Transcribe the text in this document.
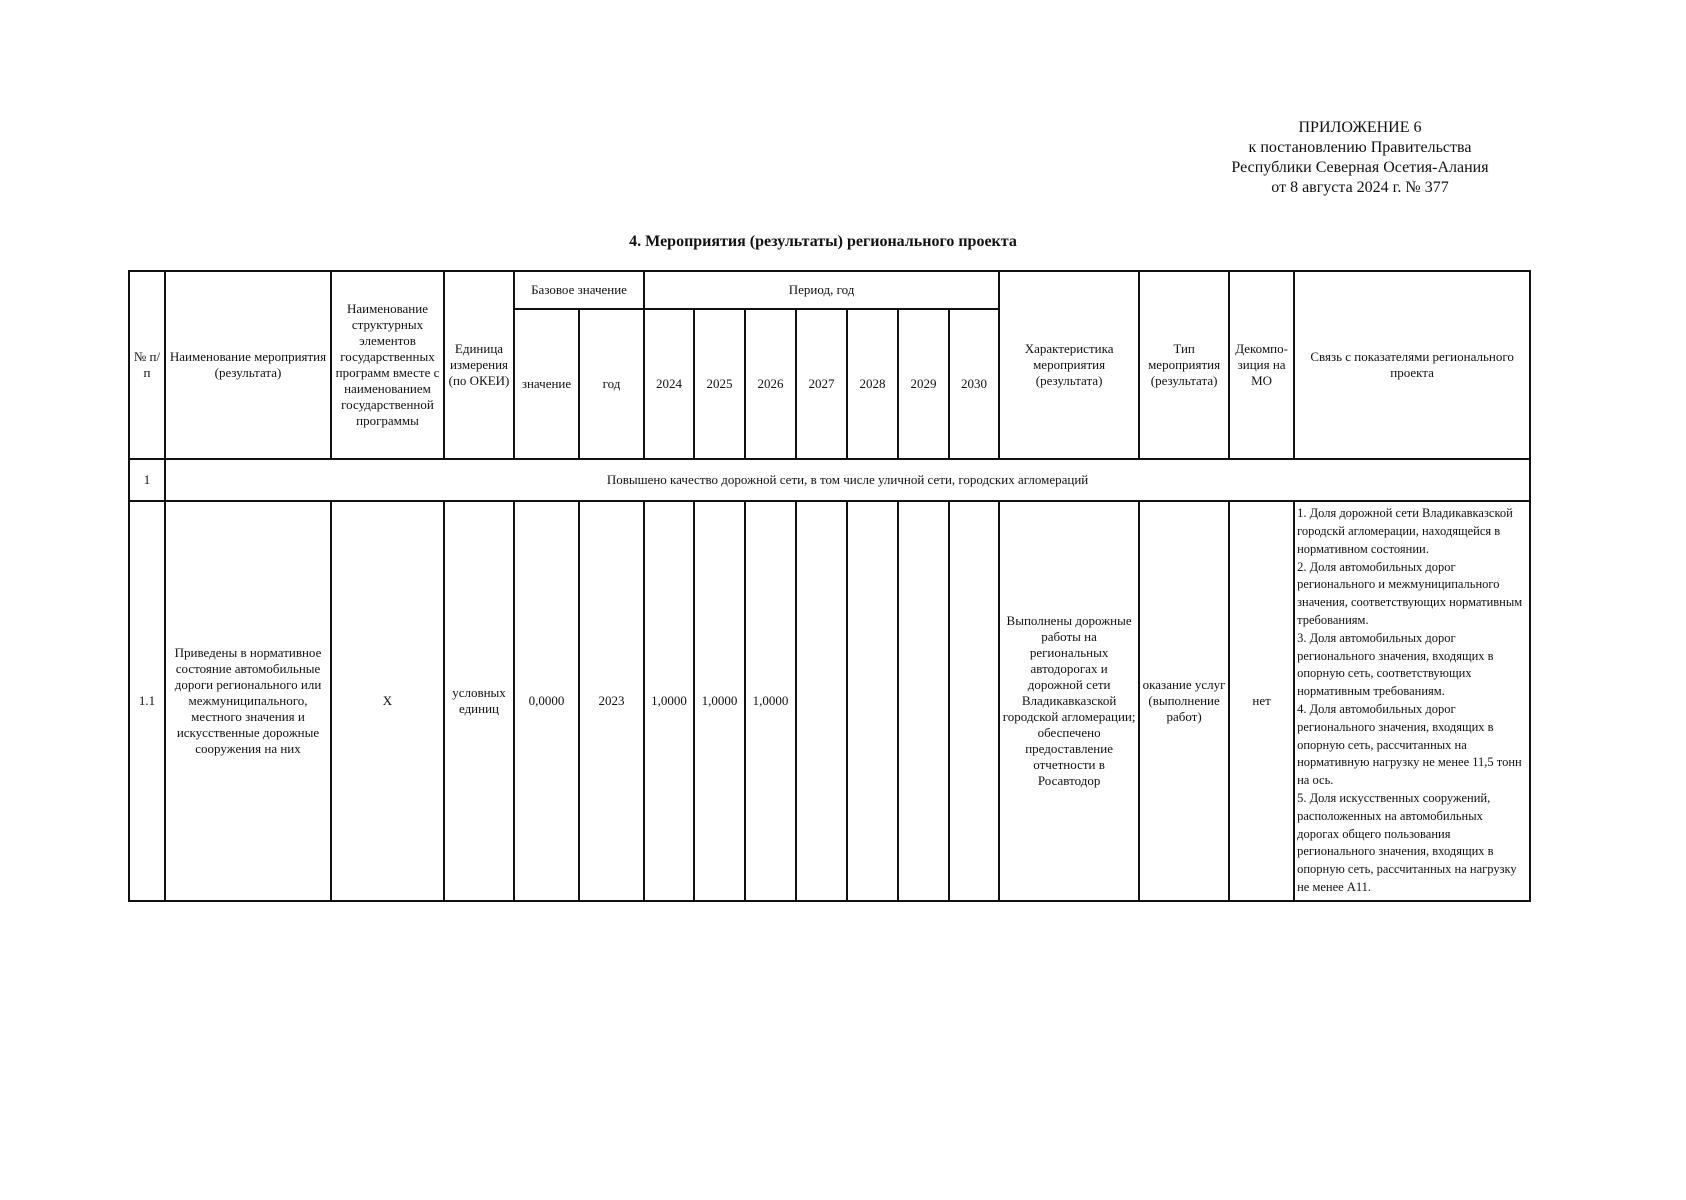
ПРИЛОЖЕНИЕ 6
к постановлению Правительства
Республики Северная Осетия-Алания
от 8 августа 2024 г. № 377
4. Мероприятия (результаты) регионального проекта
№ п/п	Наименование мероприятия (результата)	Наименование структурных элементов государственных программ вместе с наименованием государственной программы	Единица измерения (по ОКЕИ)	Базовое значение		Период, год							Характеристика мероприятия (результата)	Тип мероприятия (результата)	Декомпо-зиция на МО	Связь с показателями регионального проекта
				значение	год	2024	2025	2026	2027	2028	2029	2030				
1	Повышено качество дорожной сети, в том числе уличной сети, городских агломераций															
1.1	Приведены в нормативное состояние автомобильные дороги регионального или межмуниципального, местного значения и искусственные дорожные сооружения на них	Х	условных единиц	0,0000	2023	1,0000	1,0000	1,0000					Выполнены дорожные работы на региональных автодорогах и дорожной сети Владикавказской городской агломерации; обеспечено предоставление отчетности в Росавтодор	оказание услуг (выполнение работ)	нет	1. Доля дорожной сети Владикавказской городскй агломерации, находящейся в нормативном состоянии.
2. Доля автомобильных дорог регионального и межмуниципального значения, соответствующих нормативным требованиям.
3. Доля автомобильных дорог регионального значения, входящих в опорную сеть, соответствующих нормативным требованиям.
4. Доля автомобильных дорог регионального значения, входящих в опорную сеть, рассчитанных на нормативную нагрузку не менее 11,5 тонн на ось.
5. Доля искусственных сооружений, расположенных на автомобильных дорогах общего пользования регионального значения, входящих в опорную сеть, рассчитанных на нагрузку не менее А11.
